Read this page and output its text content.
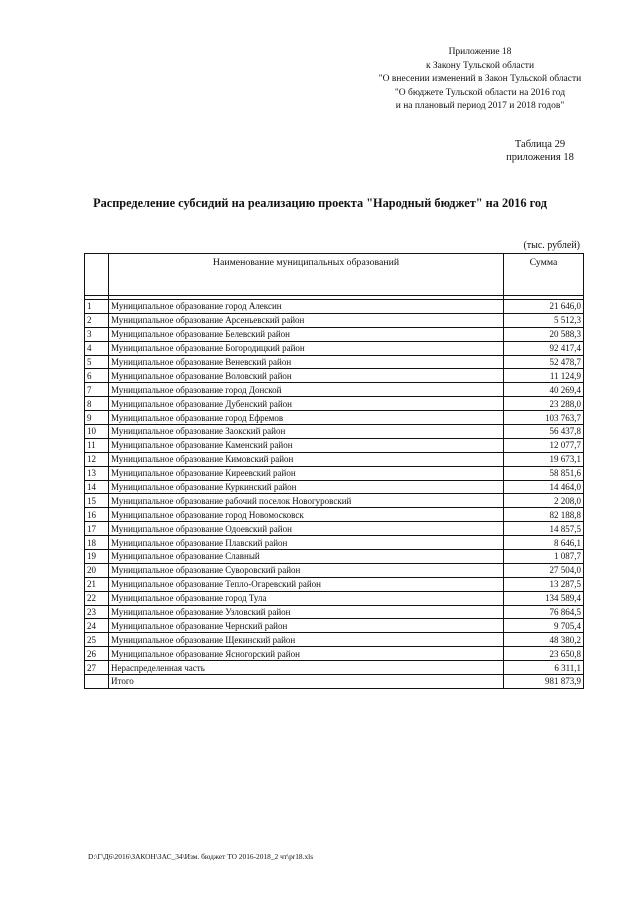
Приложение 18
к Закону Тульской области
"О внесении изменений в Закон Тульской области
"О бюджете Тульской области на 2016 год
и на плановый период 2017 и 2018 годов"
Таблица 29
приложения 18
Распределение субсидий на реализацию проекта "Народный бюджет" на 2016 год
(тыс. рублей)
	Наименование муниципальных образований	Сумма

1	Муниципальное образование город Алексин	21 646,0
2	Муниципальное образование Арсеньевский район	5 512,3
3	Муниципальное образование Белевский район	20 588,3
4	Муниципальное образование Богородицкий район	92 417,4
5	Муниципальное образование Веневский район	52 478,7
6	Муниципальное образование Воловский район	11 124,9
7	Муниципальное образование город Донской	40 269,4
8	Муниципальное образование Дубенский район	23 288,0
9	Муниципальное образование город Ефремов	103 763,7
10	Муниципальное образование Заокский район	56 437,8
11	Муниципальное образование Каменский район	12 077,7
12	Муниципальное образование Кимовский район	19 673,1
13	Муниципальное образование Киреевский район	58 851,6
14	Муниципальное образование Куркинский район	14 464,0
15	Муниципальное образование рабочий поселок Новогуровский	2 208,0
16	Муниципальное образование город Новомосковск	82 188,8
17	Муниципальное образование Одоевский район	14 857,5
18	Муниципальное образование Плавский район	8 646,1
19	Муниципальное образование Славный	1 087,7
20	Муниципальное образование Суворовский район	27 504,0
21	Муниципальное образование Тепло-Огаревский район	13 287,5
22	Муниципальное образование город Тула	134 589,4
23	Муниципальное образование Узловский район	76 864,5
24	Муниципальное образование Чернский район	9 705,4
25	Муниципальное образование Щекинский район	48 380,2
26	Муниципальное образование Ясногорский район	23 650,8
27	Нераспределенная часть	6 311,1
	Итого	981 873,9
D:\Г\Д6\2016\ЗАКОН\ЗАС_34\Изм. бюджет ТО 2016-2018_2 чт\pr18.xls
